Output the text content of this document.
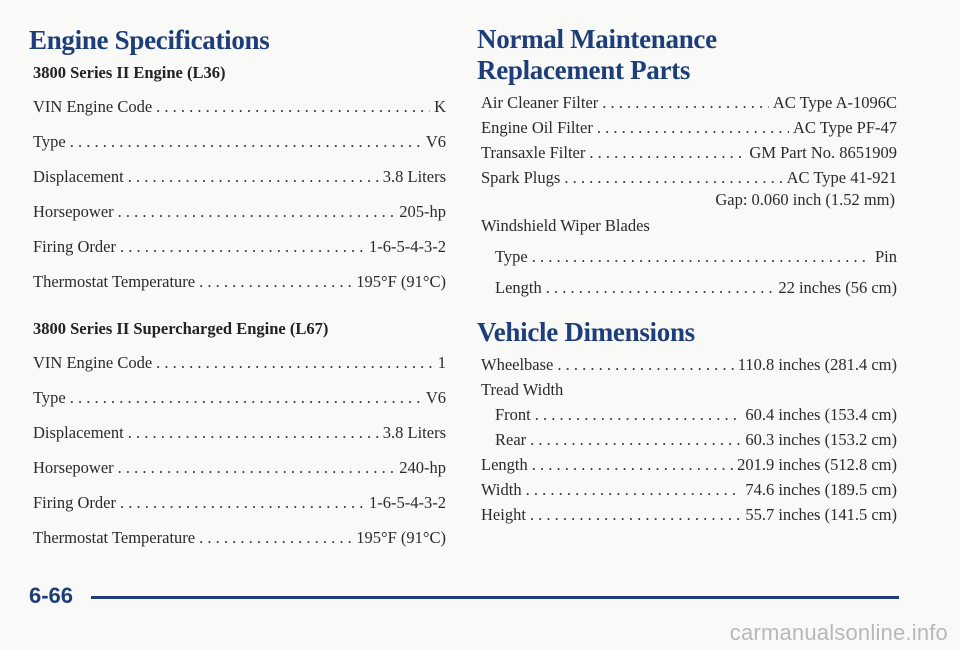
Engine Specifications
3800 Series II Engine (L36)
VIN Engine Code . . .	K
Type . . .	V6
Displacement . . .	3.8 Liters
Horsepower . . .	205-hp
Firing Order . . .	1-6-5-4-3-2
Thermostat Temperature . . .	195°F (91°C)
3800 Series II Supercharged Engine (L67)
VIN Engine Code . . .	1
Type . . .	V6
Displacement . . .	3.8 Liters
Horsepower . . .	240-hp
Firing Order . . .	1-6-5-4-3-2
Thermostat Temperature . . .	195°F (91°C)
Normal Maintenance
Replacement Parts
Air Cleaner Filter . . .	AC Type A-1096C
Engine Oil Filter . . .	AC Type PF-47
Transaxle Filter . . .	GM Part No. 8651909
Spark Plugs . . .	AC Type 41-921
Gap: 0.060 inch (1.52 mm)
Windshield Wiper Blades
Type . . .	Pin
Length . . .	22 inches (56 cm)
Vehicle Dimensions
Wheelbase . . .	110.8 inches (281.4 cm)
Tread Width
Front . . .	60.4 inches (153.4 cm)
Rear . . .	60.3 inches (153.2 cm)
Length . . .	201.9 inches (512.8 cm)
Width . . .	74.6 inches (189.5 cm)
Height . . .	55.7 inches (141.5 cm)
6-66
carmanualsonline.info
